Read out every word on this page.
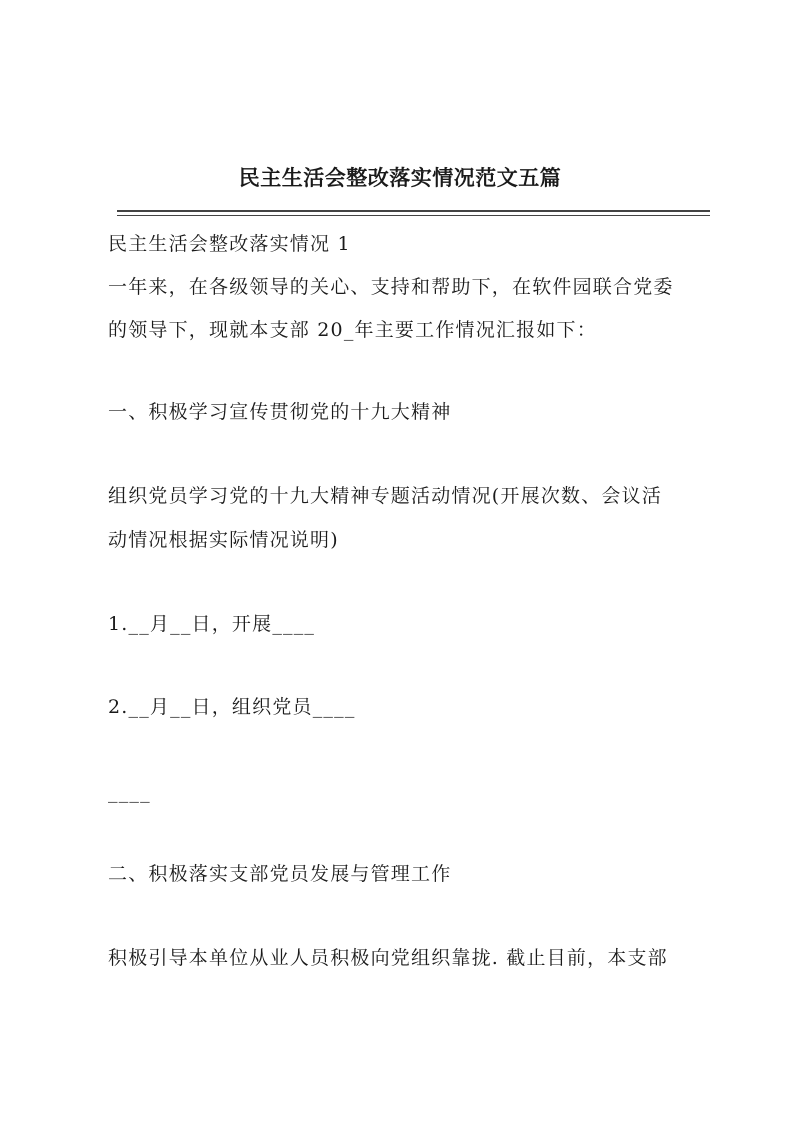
民主生活会整改落实情况范文五篇
民主生活会整改落实情况 1
一年来，在各级领导的关心、支持和帮助下，在软件园联合党委
的领导下，现就本支部 20_年主要工作情况汇报如下：
一、积极学习宣传贯彻党的十九大精神
组织党员学习党的十九大精神专题活动情况(开展次数、会议活
动情况根据实际情况说明)
1.__月__日，开展____
2.__月__日，组织党员____
____
二、积极落实支部党员发展与管理工作
积极引导本单位从业人员积极向党组织靠拢. 截止目前，本支部
